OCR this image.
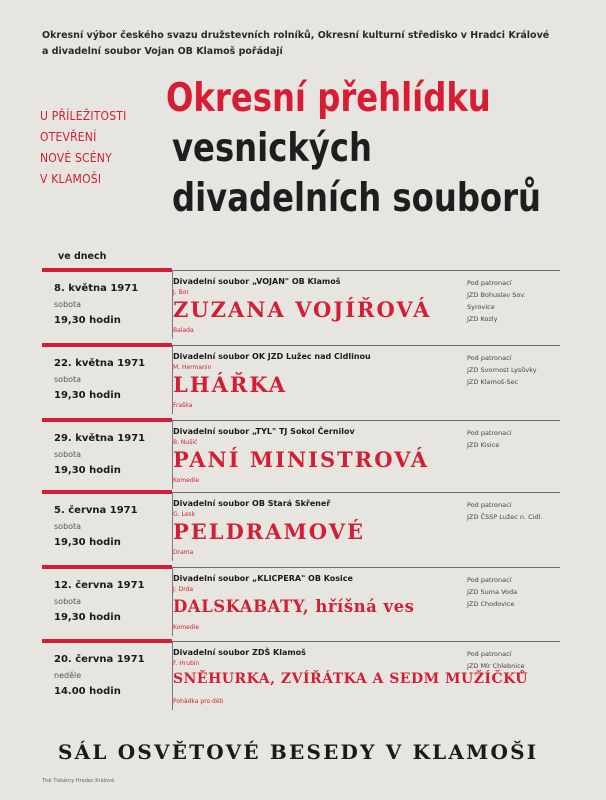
Okresní výbor českého svazu družstevních rolníků, Okresní kulturní středisko v Hradci Králové
a divadelní soubor Vojan OB Klamoš pořádají
U PŘÍLEŽITOSTI
OTEVŘENÍ
NOVÉ SCÉNY
V KLAMOŠI
Okresní přehlídku
vesnických
divadelních souborů
ve dnech
8. května 1971
sobota
19,30 hodin
Divadelní soubor „VOJAN" OB Klamoš
J. Bor
ZUZANA VOJÍŘOVÁ
Balada
Pod patronací
JZD Bohuslav Sov.
Syrovice
JZD Kozly
22. května 1971
sobota
19,30 hodin
Divadelní soubor OK JZD Lužec nad Cidlinou
M. Hermanin
LHÁŘKA
Fraška
Pod patronací
JZD Svornost Lysůvky
JZD Klamoš-Sec
29. května 1971
sobota
19,30 hodin
Divadelní soubor „TYL" TJ Sokol Černilov
B. Nušić
PANÍ MINISTROVÁ
Komedie
Pod patronací
JZD Kisice
5. června 1971
sobota
19,30 hodin
Divadelní soubor OB Stará Skřeneř
G. Lesk
PELDRAMOVÉ
Drama
Pod patronací
JZD ČSSP Lužec n. Cidl.
12. června 1971
sobota
19,30 hodin
Divadelní soubor „KLICPERA" OB Kosice
J. Drda
DALSKABATY, hříšná ves
Komedie
Pod patronací
JZD Suma Voda
JZD Chodovice
20. června 1971
neděle
14.00 hodin
Divadelní soubor ZDŠ Klamoš
F. Hrubín
SNĚHURKA, ZVÍŘÁTKA A SEDM MUŽÍČKŮ
Pohádka pro děti
Pod patronací
JZD Mír Chlebnice
SÁL OSVĚTOVÉ BESEDY V KLAMOŠI
Tisk Tiskárny Hradec Králové
